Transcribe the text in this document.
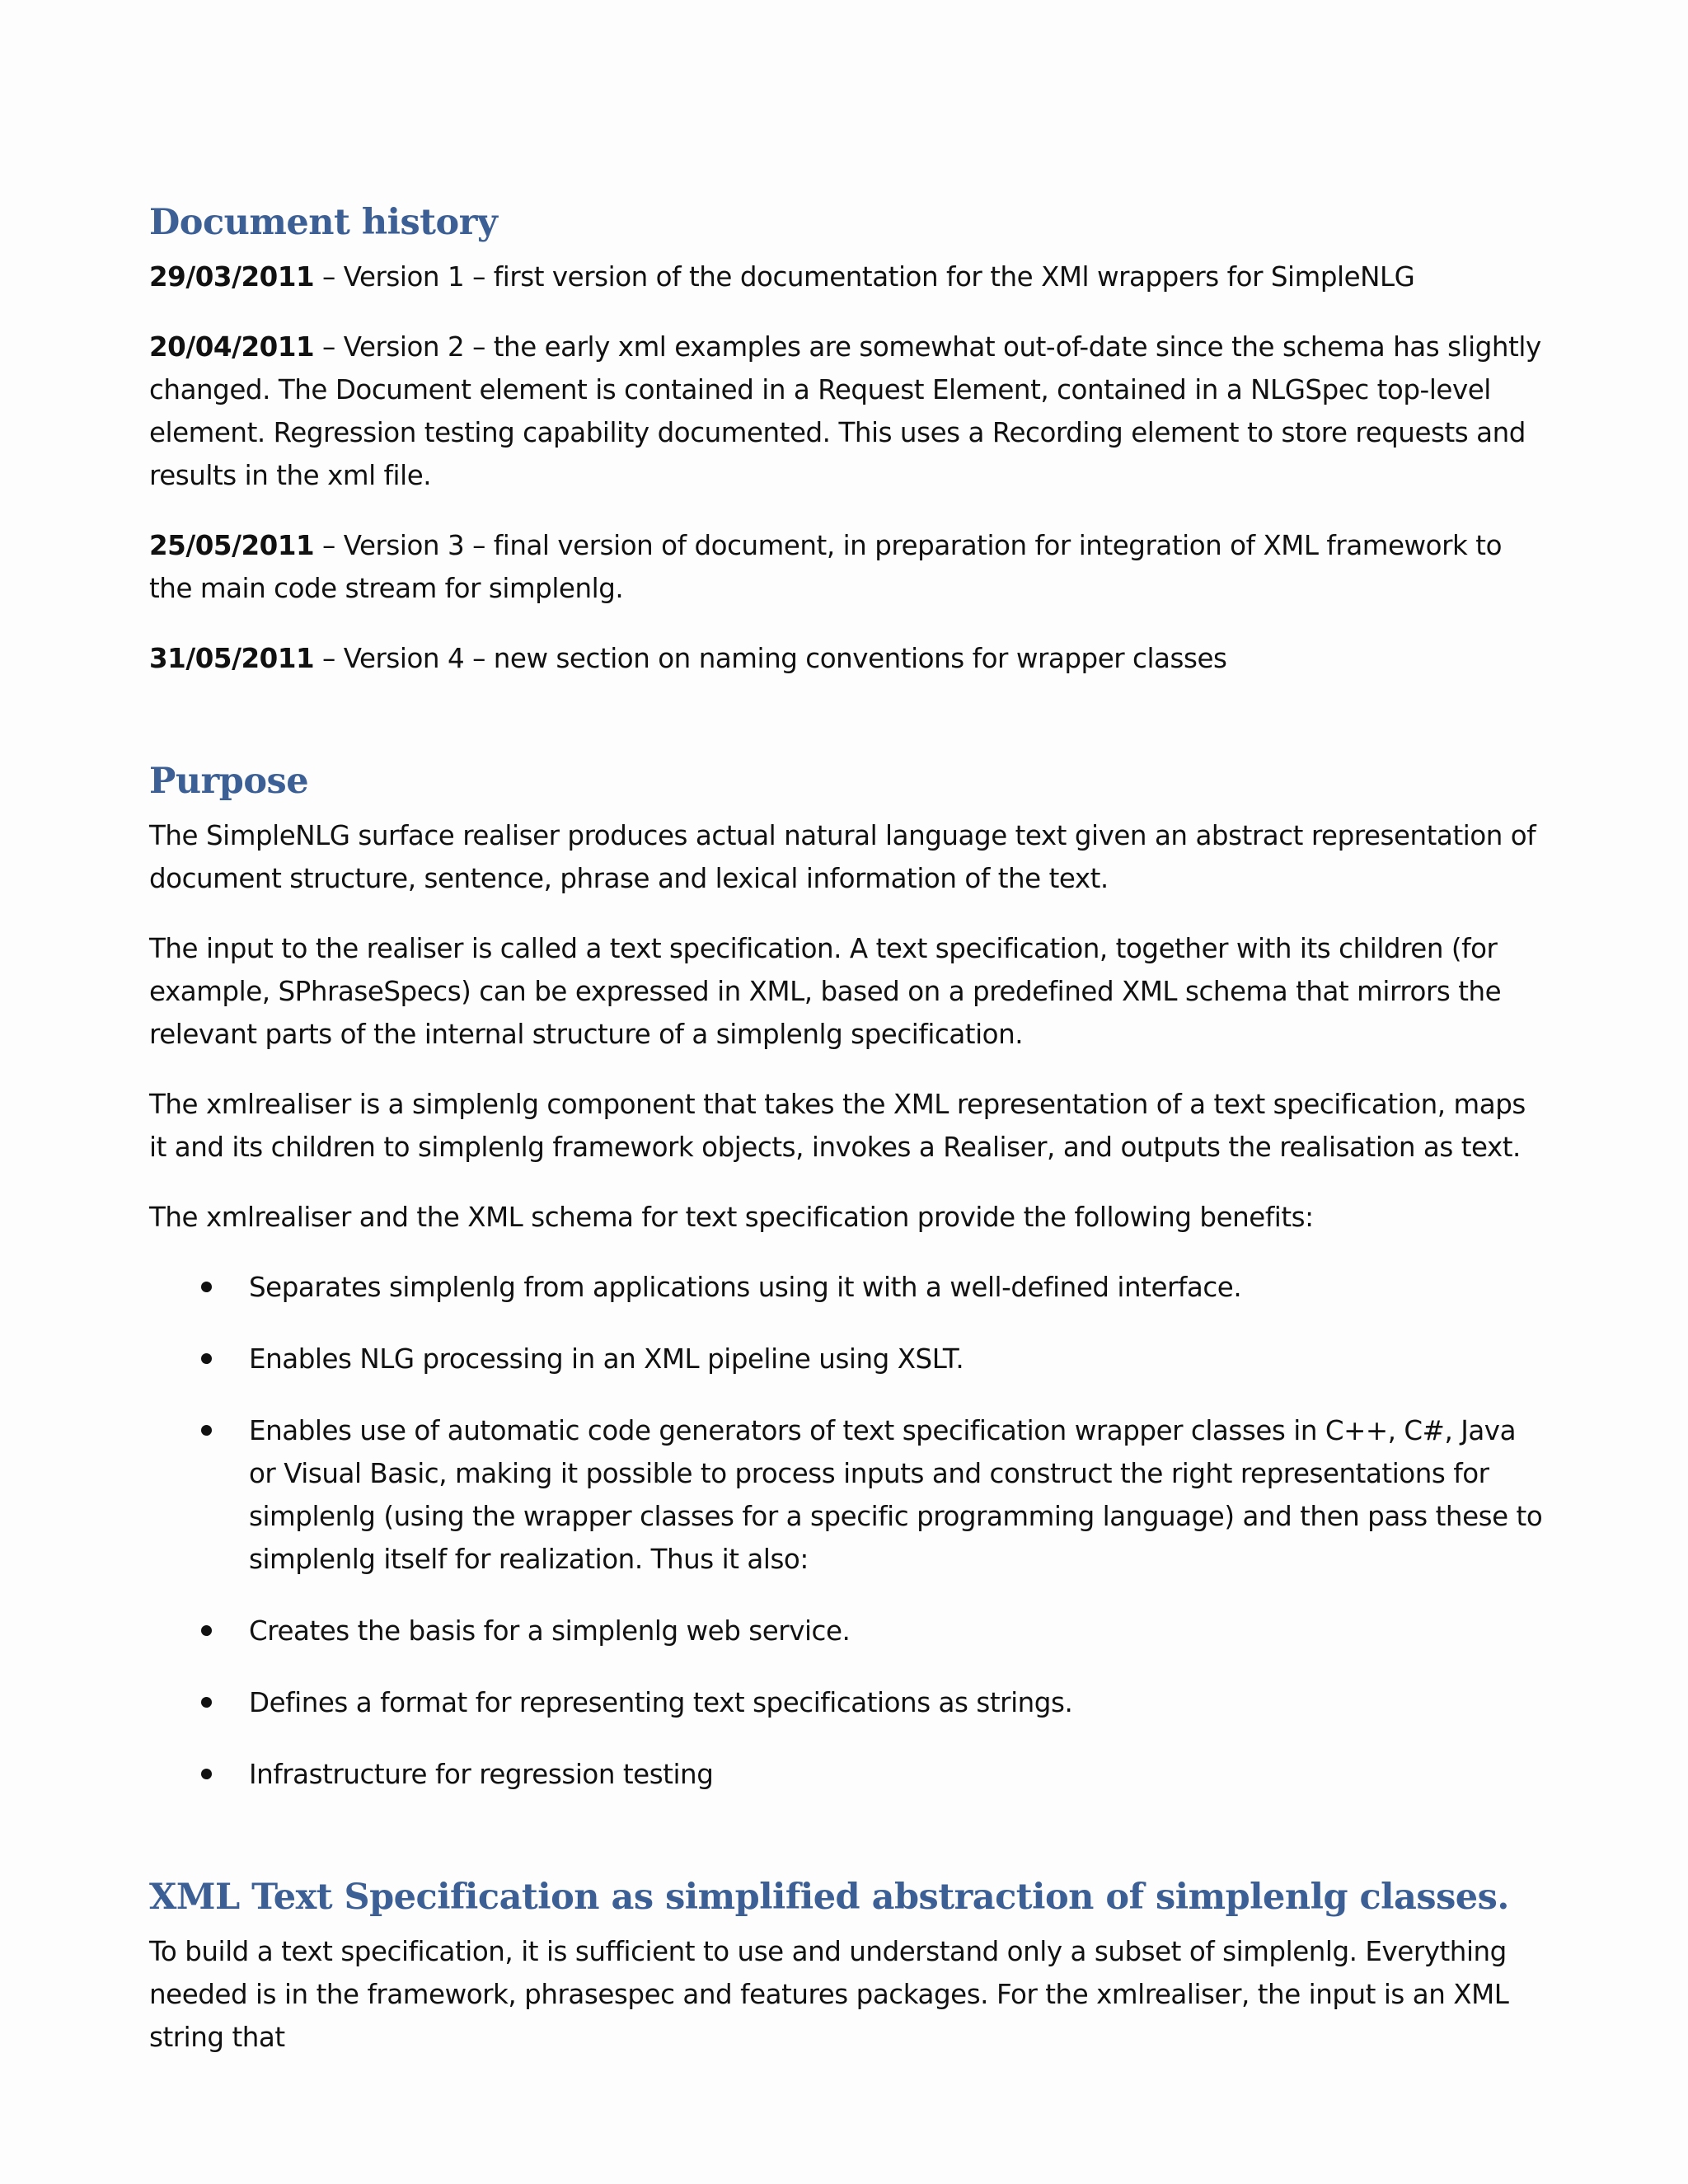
Document history

29/03/2011 – Version 1 – first version of the documentation for the XMl wrappers for SimpleNLG

20/04/2011 – Version 2 – the early xml examples are somewhat out-of-date since the schema has slightly changed. The Document element is contained in a Request Element, contained in a NLGSpec top-level element. Regression testing capability documented. This uses a Recording element to store requests and results in the xml file.

25/05/2011 – Version 3 – final version of document, in preparation for integration of XML framework to the main code stream for simplenlg.

31/05/2011 – Version 4 – new section on naming conventions for wrapper classes

Purpose

The SimpleNLG surface realiser produces actual natural language text given an abstract representation of document structure, sentence, phrase and lexical information of the text.

The input to the realiser is called a text specification. A text specification, together with its children (for example, SPhraseSpecs) can be expressed in XML, based on a predefined XML schema that mirrors the relevant parts of the internal structure of a simplenlg specification.

The xmlrealiser is a simplenlg component that takes the XML representation of a text specification, maps it and its children to simplenlg framework objects, invokes a Realiser, and outputs the realisation as text.

The xmlrealiser and the XML schema for text specification provide the following benefits:

Separates simplenlg from applications using it with a well-defined interface.
Enables NLG processing in an XML pipeline using XSLT.
Enables use of automatic code generators of text specification wrapper classes in C++, C#, Java or Visual Basic, making it possible to process inputs and construct the right representations for simplenlg (using the wrapper classes for a specific programming language) and then pass these to simplenlg itself for realization. Thus it also:
Creates the basis for a simplenlg web service.
Defines a format for representing text specifications as strings.
Infrastructure for regression testing
XML Text Specification as simplified abstraction of simplenlg classes.

To build a text specification, it is sufficient to use and understand only a subset of simplenlg. Everything needed is in the framework, phrasespec and features packages. For the xmlrealiser, the input is an XML string that
